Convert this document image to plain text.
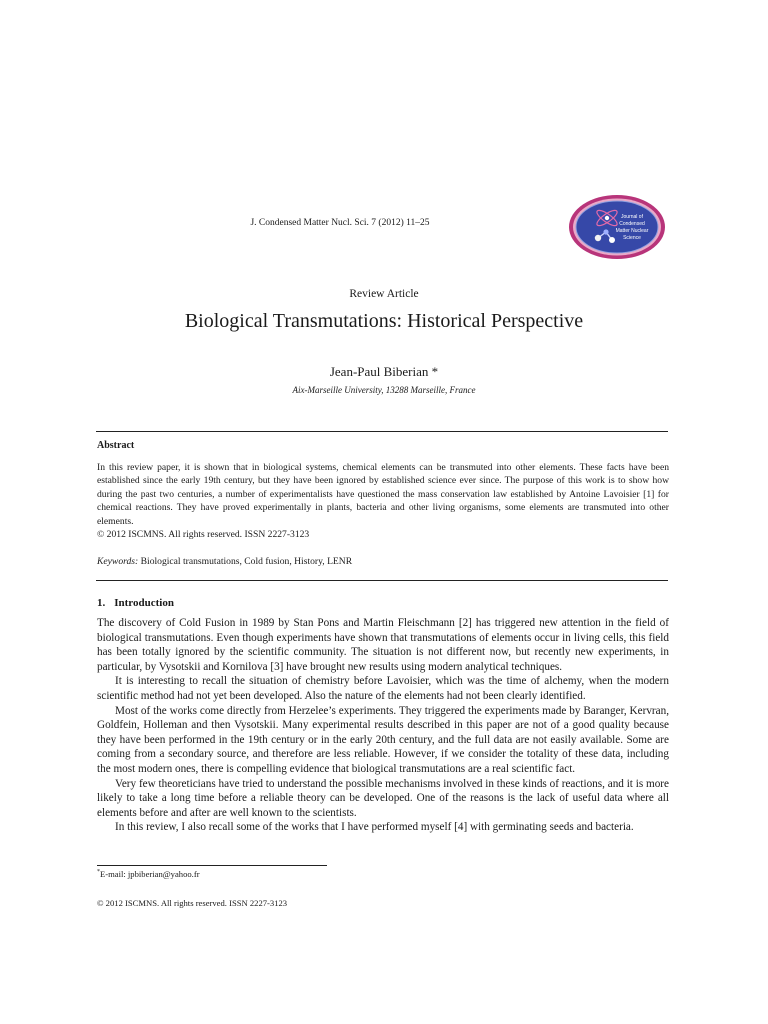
J. Condensed Matter Nucl. Sci. 7 (2012) 11–25
Journal of
Condensed
Matter Nuclear
Science
Review Article
Biological Transmutations: Historical Perspective
Jean-Paul Biberian *
Aix-Marseille University, 13288 Marseille, France
Abstract

In this review paper, it is shown that in biological systems, chemical elements can be transmuted into other elements. These facts have been established since the early 19th century, but they have been ignored by established science ever since. The purpose of this work is to show how during the past two centuries, a number of experimentalists have questioned the mass conservation law established by Antoine Lavoisier [1] for chemical reactions. They have proved experimentally in plants, bacteria and other living organisms, some elements are transmuted into other elements.

© 2012 ISCMNS. All rights reserved. ISSN 2227-3123

Keywords: Biological transmutations, Cold fusion, History, LENR
1. Introduction

The discovery of Cold Fusion in 1989 by Stan Pons and Martin Fleischmann [2] has triggered new attention in the field of biological transmutations. Even though experiments have shown that transmutations of elements occur in living cells, this field has been totally ignored by the scientific community. The situation is not different now, but recently new experiments, in particular, by Vysotskii and Kornilova [3] have brought new results using modern analytical techniques.

It is interesting to recall the situation of chemistry before Lavoisier, which was the time of alchemy, when the modern scientific method had not yet been developed. Also the nature of the elements had not been clearly identified.

Most of the works come directly from Herzelee’s experiments. They triggered the experiments made by Baranger, Kervran, Goldfein, Holleman and then Vysotskii. Many experimental results described in this paper are not of a good quality because they have been performed in the 19th century or in the early 20th century, and the full data are not easily available. Some are coming from a secondary source, and therefore are less reliable. However, if we consider the totality of these data, including the most modern ones, there is compelling evidence that biological transmutations are a real scientific fact.

Very few theoreticians have tried to understand the possible mechanisms involved in these kinds of reactions, and it is more likely to take a long time before a reliable theory can be developed. One of the reasons is the lack of useful data where all elements before and after are well known to the scientists.

In this review, I also recall some of the works that I have performed myself [4] with germinating seeds and bacteria.

*E-mail: jpbiberian@yahoo.fr
© 2012 ISCMNS. All rights reserved. ISSN 2227-3123
